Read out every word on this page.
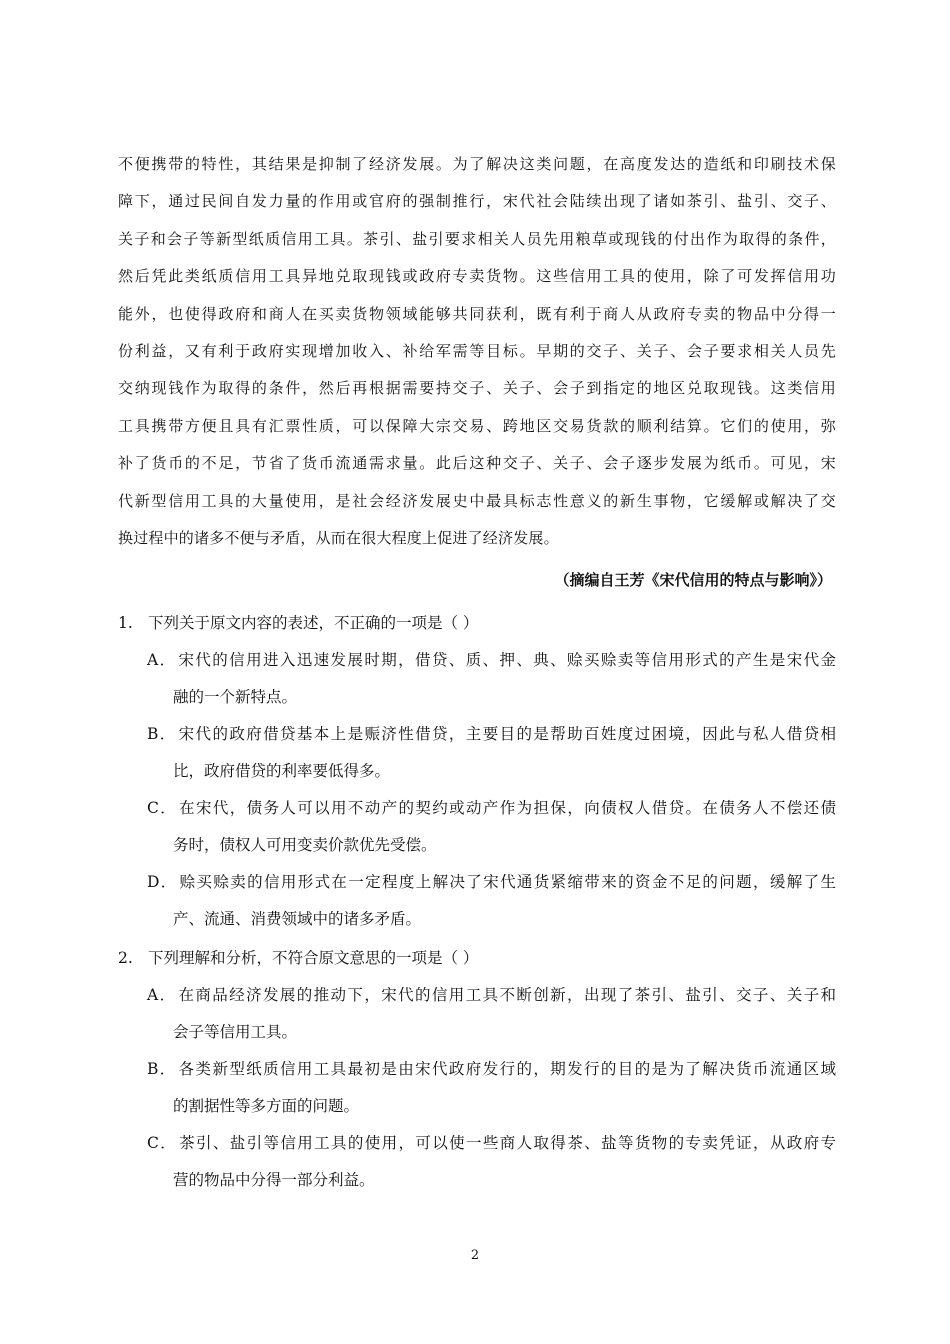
不便携带的特性，其结果是抑制了经济发展。为了解决这类问题，在高度发达的造纸和印刷技术保
障下，通过民间自发力量的作用或官府的强制推行，宋代社会陆续出现了诸如茶引、盐引、交子、
关子和会子等新型纸质信用工具。茶引、盐引要求相关人员先用粮草或现钱的付出作为取得的条件，
然后凭此类纸质信用工具异地兑取现钱或政府专卖货物。这些信用工具的使用，除了可发挥信用功
能外，也使得政府和商人在买卖货物领域能够共同获利，既有利于商人从政府专卖的物品中分得一
份利益，又有利于政府实现增加收入、补给军需等目标。早期的交子、关子、会子要求相关人员先
交纳现钱作为取得的条件，然后再根据需要持交子、关子、会子到指定的地区兑取现钱。这类信用
工具携带方便且具有汇票性质，可以保障大宗交易、跨地区交易货款的顺利结算。它们的使用，弥
补了货币的不足，节省了货币流通需求量。此后这种交子、关子、会子逐步发展为纸币。可见，宋
代新型信用工具的大量使用，是社会经济发展史中最具标志性意义的新生事物，它缓解或解决了交
换过程中的诸多不便与矛盾，从而在很大程度上促进了经济发展。
（摘编自王芳《宋代信用的特点与影响》）
1. 下列关于原文内容的表述，不正确的一项是（ ）
A． 宋代的信用进入迅速发展时期，借贷、质、押、典、赊买赊卖等信用形式的产生是宋代金
融的一个新特点。
B． 宋代的政府借贷基本上是赈济性借贷，主要目的是帮助百姓度过困境，因此与私人借贷相
比，政府借贷的利率要低得多。
C． 在宋代，债务人可以用不动产的契约或动产作为担保，向债权人借贷。在债务人不偿还债
务时，债权人可用变卖价款优先受偿。
D． 赊买赊卖的信用形式在一定程度上解决了宋代通货紧缩带来的资金不足的问题，缓解了生
产、流通、消费领域中的诸多矛盾。
2. 下列理解和分析，不符合原文意思的一项是（ ）
A． 在商品经济发展的推动下，宋代的信用工具不断创新，出现了茶引、盐引、交子、关子和
会子等信用工具。
B． 各类新型纸质信用工具最初是由宋代政府发行的，期发行的目的是为了解决货币流通区域
的割据性等多方面的问题。
C． 茶引、盐引等信用工具的使用，可以使一些商人取得茶、盐等货物的专卖凭证，从政府专
营的物品中分得一部分利益。
2
